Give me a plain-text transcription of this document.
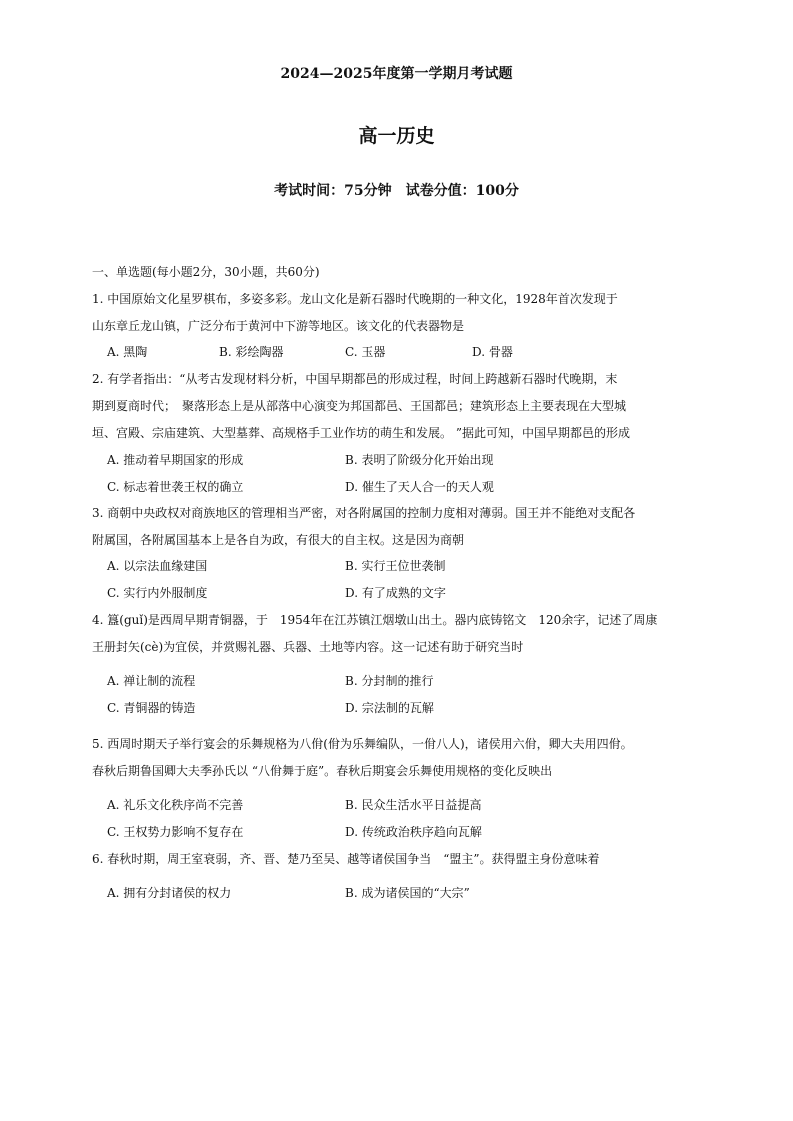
2024—2025年度第一学期月考试题
高一历史
考试时间：75分钟　试卷分值：100分
一、单选题(每小题2分，30小题，共60分)
1. 中国原始文化星罗棋布，多姿多彩。龙山文化是新石器时代晚期的一种文化，1928年首次发现于
山东章丘龙山镇，广泛分布于黄河中下游等地区。该文化的代表器物是
A. 黑陶	B. 彩绘陶器	C. 玉器	D. 骨器
2. 有学者指出：“从考古发现材料分析，中国早期都邑的形成过程，时间上跨越新石器时代晚期，末
期到夏商时代；　聚落形态上是从部落中心演变为邦国都邑、王国都邑；建筑形态上主要表现在大型城
垣、宫殿、宗庙建筑、大型墓葬、高规格手工业作坊的萌生和发展。 ”据此可知，中国早期都邑的形成
A. 推动着早期国家的形成	B. 表明了阶级分化开始出现
C. 标志着世袭王权的确立	D. 催生了天人合一的天人观
3. 商朝中央政权对商族地区的管理相当严密，对各附属国的控制力度相对薄弱。国王并不能绝对支配各
附属国，各附属国基本上是各自为政，有很大的自主权。这是因为商朝
A. 以宗法血缘建国	B. 实行王位世袭制
C. 实行内外服制度	D. 有了成熟的文字
4. 簋(guǐ)是西周早期青铜器，于　1954年在江苏镇江烟墩山出土。器内底铸铭文　120余字，记述了周康
王册封矢(cè)为宜侯，并赏赐礼器、兵器、土地等内容。这一记述有助于研究当时
A. 禅让制的流程	B. 分封制的推行
C. 青铜器的铸造	D. 宗法制的瓦解
5. 西周时期天子举行宴会的乐舞规格为八佾(佾为乐舞编队，一佾八人)，诸侯用六佾，卿大夫用四佾。
春秋后期鲁国卿大夫季孙氏以 “八佾舞于庭”。春秋后期宴会乐舞使用规格的变化反映出
A. 礼乐文化秩序尚不完善	B. 民众生活水平日益提高
C. 王权势力影响不复存在	D. 传统政治秩序趋向瓦解
6. 春秋时期，周王室衰弱，齐、晋、楚乃至吴、越等诸侯国争当　“盟主”。获得盟主身份意味着
A. 拥有分封诸侯的权力	B. 成为诸侯国的“大宗”
